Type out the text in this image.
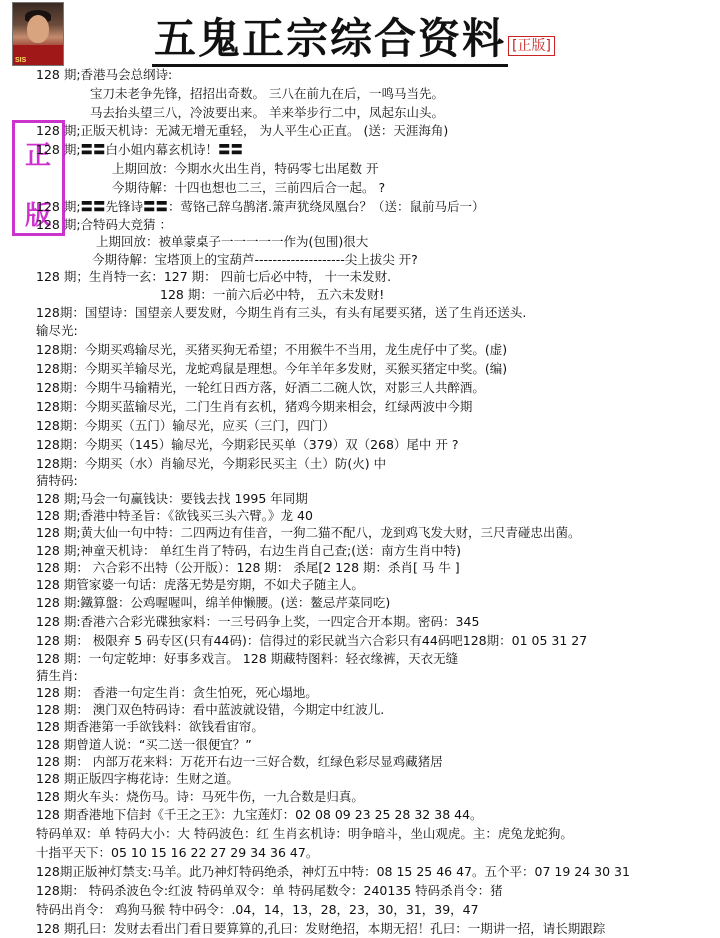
SIS	五鬼正宗综合资料 [正版]
正
版
128 期;香港马会总纲诗:
宝刀未老争先锋，招招出奇数。 三八在前九在后，一鸣马当先。
马去抬头望三八，冷波要出来。 羊来举步行二中，凤起东山头。
128 期;正版天机诗：无减无增无重轻， 为人平生心正直。 (送：天涯海角)
128 期;〓〓白小姐内幕玄机诗！〓〓
上期回放：今期水火出生肖，特码零七出尾数 开
今期待解：十四也想也二三，三前四后合一起。 ?
128 期;〓〓先锋诗〓〓：莺铬己辞乌鹊渚.箫声犹绕凤凰台？（送：鼠前马后一）
128 期;合特码大竞猜 ：
上期回放：被单蒙桌子一一一一一作为(包围)很大
今期待解：宝塔顶上的宝葫芦--------------------尖上拔尖 开?
128 期；生肖特一玄：127 期： 四前七后必中特， 十一未发财.
128 期：一前六后必中特， 五六未发财!
128期：国望诗：国望亲人要发财，今期生肖有三头，有头有尾要买猪，送了生肖还送头.
输尽光:
128期：今期买鸡输尽光，买猪买狗无希望；不用猴牛不当用，龙生虎仔中了奖。(虚)
128期：今期买羊输尽光，龙蛇鸡鼠是理想。今年羊年多发财，买猴买猪定中奖。(编)
128期：今期牛马输精光，一轮红日西方落，好酒二二碗人饮，对影三人共醉酒。
128期：今期买蓝输尽光，二门生肖有玄机，猪鸡今期来相会，红绿两波中今期
128期：今期买（五门）输尽光，应买（三门，四门）
128期：今期买（145）输尽光，今期彩民买单（379）双（268）尾中 开 ?
128期：今期买（水）肖输尽光，今期彩民买主（土）防(火) 中
猜特码:
128 期;马会一句赢钱诀：要钱去找 1995 年同期
128 期;香港中特圣旨：《欲钱买三头六臂。》龙 40
128 期;黄大仙一句中特：二四两边有佳音，一狗二猫不配八，龙到鸡飞发大财，三尺青碰忠出菌。
128 期;神童天机诗： 单红生肖了特码，右边生肖自己查;(送：南方生肖中特)
128 期： 六合彩不出特（公开版）：128 期： 杀尾[2 128 期：杀肖[ 马 牛 ]
128 期管家婆一句话：虎落无势是穷期，不如犬子随主人。
128 期:鐵算盤：公鸡喔喔叫，绵羊伸懒腰。(送：鳌忌芹菜同吃)
128 期:香港六合彩光碟独家料：一三号码争上奖，一四定合开本期。密码：345
128 期： 极限弃 5 码专区(只有44码)：信得过的彩民就当六合彩只有44码吧128期：01 05 31 27
128 期：一句定乾坤：好事多戏言。 128 期藏特图料：轻衣缘裤，天衣无缝
猜生肖:
128 期： 香港一句定生肖：贪生怕死，死心塌地。
128 期： 澳门双色特码诗：看中蓝波就设错，今期定中红波儿.
128 期香港第一手欲钱料：欲钱看宙帘。
128 期曾道人说：“买二送一很便宜？”
128 期： 内部万花来料：万花开右边一三好合数，红绿色彩尽显鸡藏猪居
128 期正版四字梅花诗：生财之道。
128 期火车头：烧伤马。诗：马死牛伤，一九合数是归真。
128 期香港地下信封《千王之王》：九宝莲灯：02 08 09 23 25 28 32 38 44。
特码单双：单 特码大小：大 特码波色：红 生肖玄机诗：明争暗斗，坐山观虎。主：虎兔龙蛇狗。
十指平天下：05 10 15 16 22 27 29 34 36 47。
128期正版神灯禁支:马羊。此乃神灯特码绝杀，神灯五中特：08 15 25 46 47。五个平：07 19 24 30 31
128期： 特码杀波色令:红波 特码单双令：单 特码尾数令：240135 特码杀肖令：猪
特码出肖令： 鸡狗马猴 特中码令：.04，14，13，28，23，30，31，39，47
128 期孔曰：发财去看出门看日要算算的,孔曰：发财绝招，本期无招！孔曰：一期讲一招，请长期跟踪
